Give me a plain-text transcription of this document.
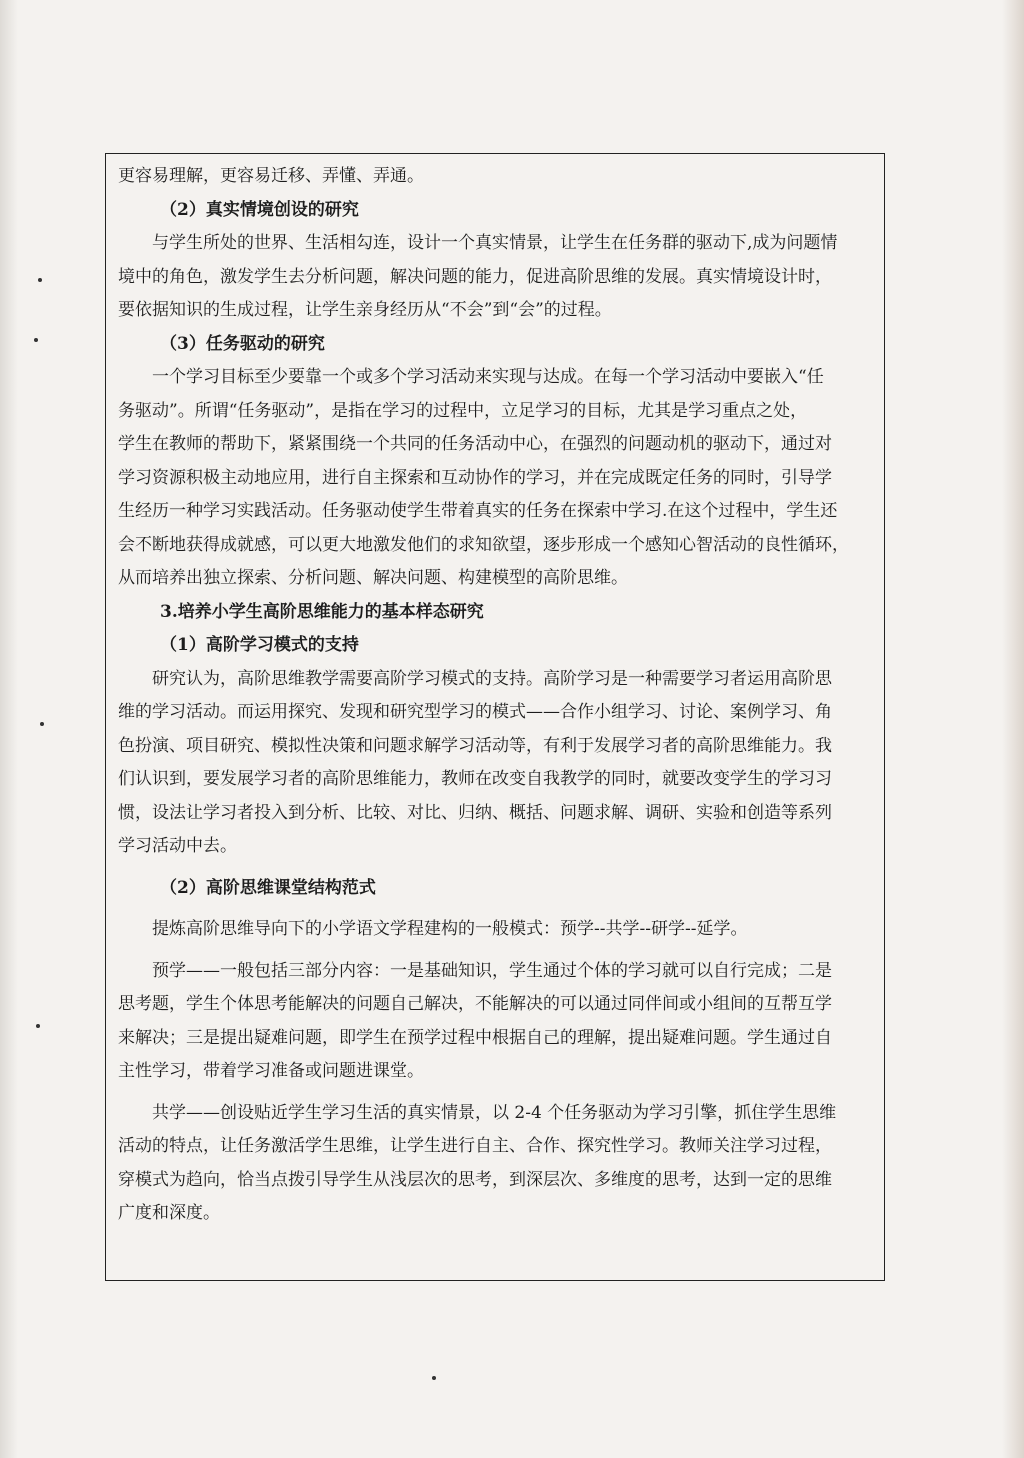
更容易理解，更容易迁移、弄懂、弄通。
（2）真实情境创设的研究
与学生所处的世界、生活相勾连，设计一个真实情景，让学生在任务群的驱动下,成为问题情
境中的角色，激发学生去分析问题，解决问题的能力，促进高阶思维的发展。真实情境设计时，
要依据知识的生成过程，让学生亲身经历从“不会”到“会”的过程。
（3）任务驱动的研究
一个学习目标至少要靠一个或多个学习活动来实现与达成。在每一个学习活动中要嵌入“任
务驱动”。所谓“任务驱动”，是指在学习的过程中，立足学习的目标，尤其是学习重点之处，
学生在教师的帮助下，紧紧围绕一个共同的任务活动中心，在强烈的问题动机的驱动下，通过对
学习资源积极主动地应用，进行自主探索和互动协作的学习，并在完成既定任务的同时，引导学
生经历一种学习实践活动。任务驱动使学生带着真实的任务在探索中学习.在这个过程中，学生还
会不断地获得成就感，可以更大地激发他们的求知欲望，逐步形成一个感知心智活动的良性循环，
从而培养出独立探索、分析问题、解决问题、构建模型的高阶思维。
3.培养小学生高阶思维能力的基本样态研究
（1）高阶学习模式的支持
研究认为，高阶思维教学需要高阶学习模式的支持。高阶学习是一种需要学习者运用高阶思
维的学习活动。而运用探究、发现和研究型学习的模式——合作小组学习、讨论、案例学习、角
色扮演、项目研究、模拟性决策和问题求解学习活动等，有利于发展学习者的高阶思维能力。我
们认识到，要发展学习者的高阶思维能力，教师在改变自我教学的同时，就要改变学生的学习习
惯，设法让学习者投入到分析、比较、对比、归纳、概括、问题求解、调研、实验和创造等系列
学习活动中去。
（2）高阶思维课堂结构范式
提炼高阶思维导向下的小学语文学程建构的一般模式：预学--共学--研学--延学。
预学——一般包括三部分内容：一是基础知识，学生通过个体的学习就可以自行完成；二是
思考题，学生个体思考能解决的问题自己解决，不能解决的可以通过同伴间或小组间的互帮互学
来解决；三是提出疑难问题，即学生在预学过程中根据自己的理解，提出疑难问题。学生通过自
主性学习，带着学习准备或问题进课堂。
共学——创设贴近学生学习生活的真实情景，以 2-4 个任务驱动为学习引擎，抓住学生思维
活动的特点，让任务激活学生思维，让学生进行自主、合作、探究性学习。教师关注学习过程，
穿模式为趋向，恰当点拨引导学生从浅层次的思考，到深层次、多维度的思考，达到一定的思维
广度和深度。
